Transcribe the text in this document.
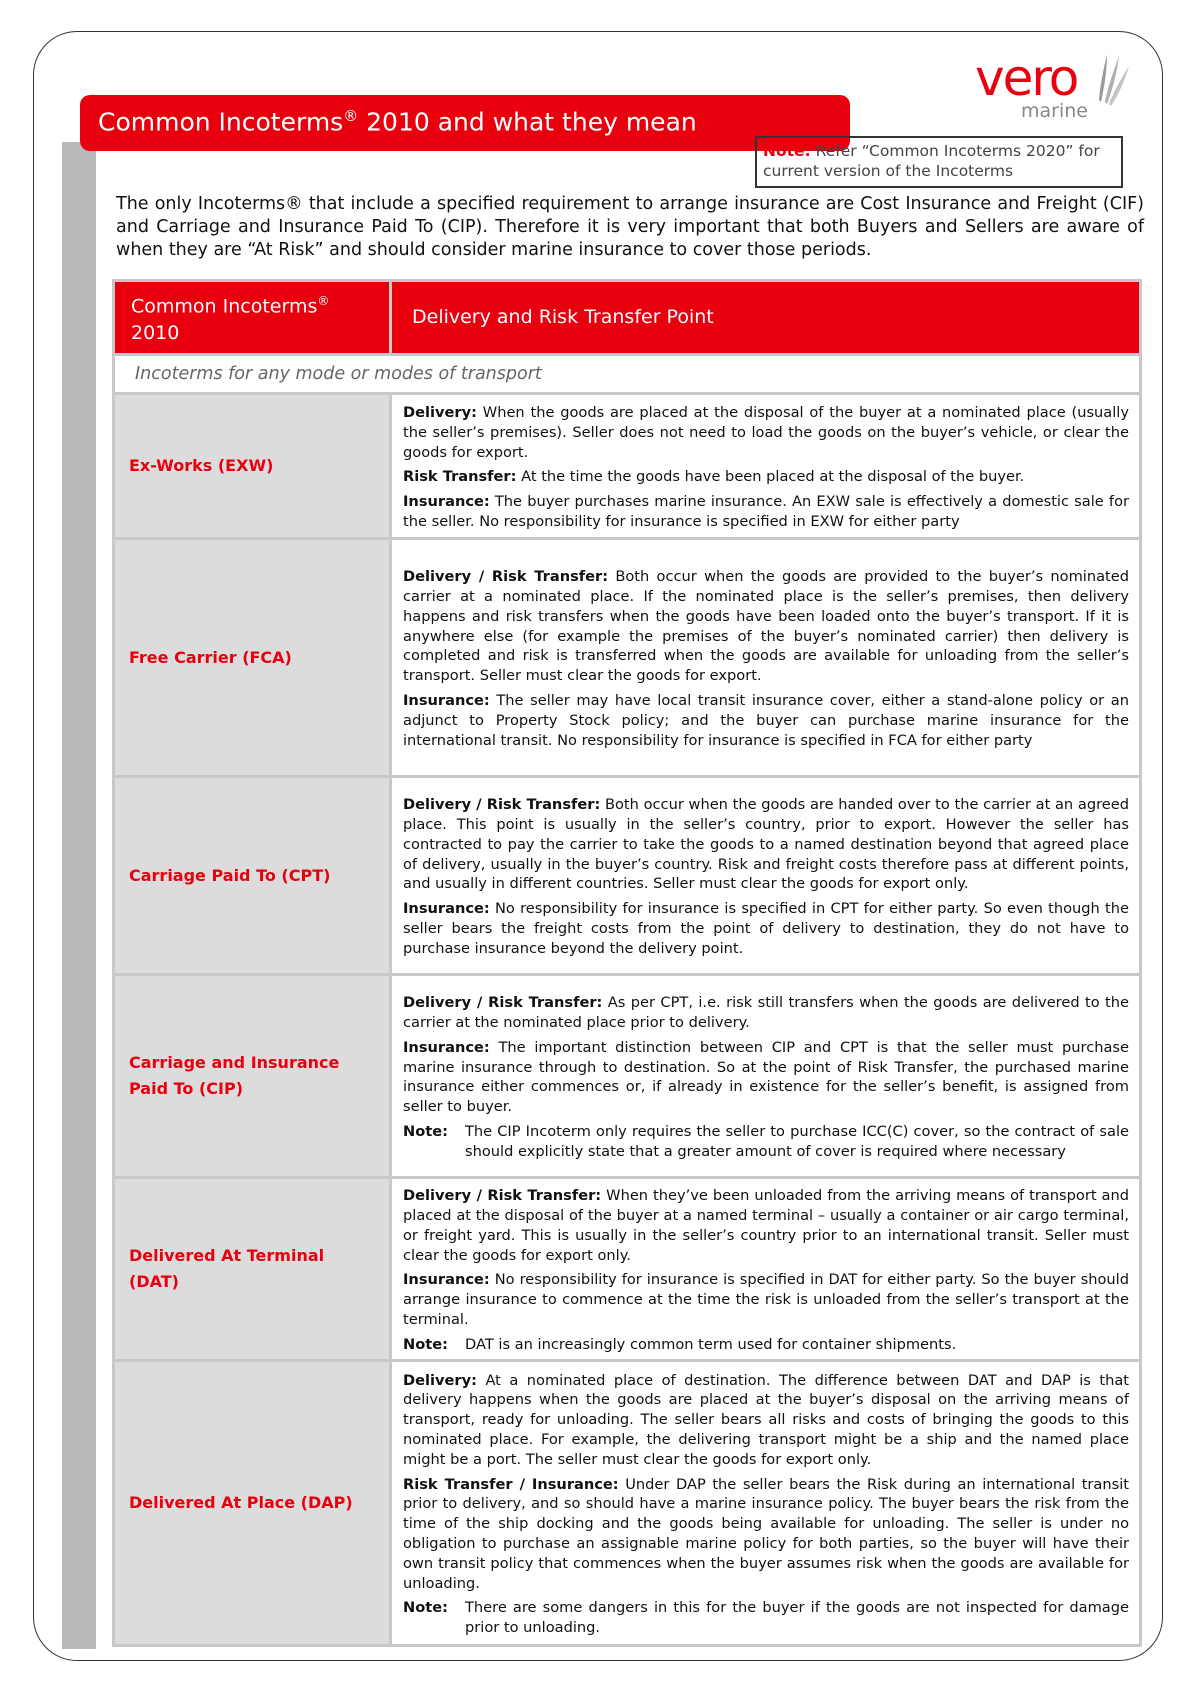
Common Incoterms® 2010 and what they mean
vero
marine
Note: Refer “Common Incoterms 2020” for current version of the Incoterms

The only Incoterms® that include a specified requirement to arrange insurance are Cost Insurance and Freight (CIF) and Carriage and Insurance Paid To (CIP). Therefore it is very important that both Buyers and Sellers are aware of when they are “At Risk” and should consider marine insurance to cover those periods.

Common Incoterms®
2010	Delivery and Risk Transfer Point
Incoterms for any mode or modes of transport	
Ex-Works (EXW)	Delivery: When the goods are placed at the disposal of the buyer at a nominated place (usually the seller’s premises). Seller does not need to load the goods on the buyer’s vehicle, or clear the goods for export.

Risk Transfer: At the time the goods have been placed at the disposal of the buyer.

Insurance: The buyer purchases marine insurance. An EXW sale is effectively a domestic sale for the seller. No responsibility for insurance is specified in EXW for either party

Free Carrier (FCA)	Delivery / Risk Transfer: Both occur when the goods are provided to the buyer’s nominated carrier at a nominated place. If the nominated place is the seller’s premises, then delivery happens and risk transfers when the goods have been loaded onto the buyer’s transport. If it is anywhere else (for example the premises of the buyer’s nominated carrier) then delivery is completed and risk is transferred when the goods are available for unloading from the seller’s transport. Seller must clear the goods for export.

Insurance: The seller may have local transit insurance cover, either a stand-alone policy or an adjunct to Property Stock policy; and the buyer can purchase marine insurance for the international transit. No responsibility for insurance is specified in FCA for either party

Carriage Paid To (CPT)	Delivery / Risk Transfer: Both occur when the goods are handed over to the carrier at an agreed place. This point is usually in the seller’s country, prior to export. However the seller has contracted to pay the carrier to take the goods to a named destination beyond that agreed place of delivery, usually in the buyer’s country. Risk and freight costs therefore pass at different points, and usually in different countries. Seller must clear the goods for export only.

Insurance: No responsibility for insurance is specified in CPT for either party. So even though the seller bears the freight costs from the point of delivery to destination, they do not have to purchase insurance beyond the delivery point.

Carriage and Insurance Paid To (CIP)	Delivery / Risk Transfer: As per CPT, i.e. risk still transfers when the goods are delivered to the carrier at the nominated place prior to delivery.

Insurance: The important distinction between CIP and CPT is that the seller must purchase marine insurance through to destination. So at the point of Risk Transfer, the purchased marine insurance either commences or, if already in existence for the seller’s benefit, is assigned from seller to buyer.

Note: The CIP Incoterm only requires the seller to purchase ICC(C) cover, so the contract of sale should explicitly state that a greater amount of cover is required where necessary

Delivered At Terminal (DAT)	Delivery / Risk Transfer: When they’ve been unloaded from the arriving means of transport and placed at the disposal of the buyer at a named terminal – usually a container or air cargo terminal, or freight yard. This is usually in the seller’s country prior to an international transit. Seller must clear the goods for export only.

Insurance: No responsibility for insurance is specified in DAT for either party. So the buyer should arrange insurance to commence at the time the risk is unloaded from the seller’s transport at the terminal.

Note: DAT is an increasingly common term used for container shipments.

Delivered At Place (DAP)	Delivery: At a nominated place of destination. The difference between DAT and DAP is that delivery happens when the goods are placed at the buyer’s disposal on the arriving means of transport, ready for unloading. The seller bears all risks and costs of bringing the goods to this nominated place. For example, the delivering transport might be a ship and the named place might be a port. The seller must clear the goods for export only.

Risk Transfer / Insurance: Under DAP the seller bears the Risk during an international transit prior to delivery, and so should have a marine insurance policy. The buyer bears the risk from the time of the ship docking and the goods being available for unloading. The seller is under no obligation to purchase an assignable marine policy for both parties, so the buyer will have their own transit policy that commences when the buyer assumes risk when the goods are available for unloading.

Note: There are some dangers in this for the buyer if the goods are not inspected for damage prior to unloading.
